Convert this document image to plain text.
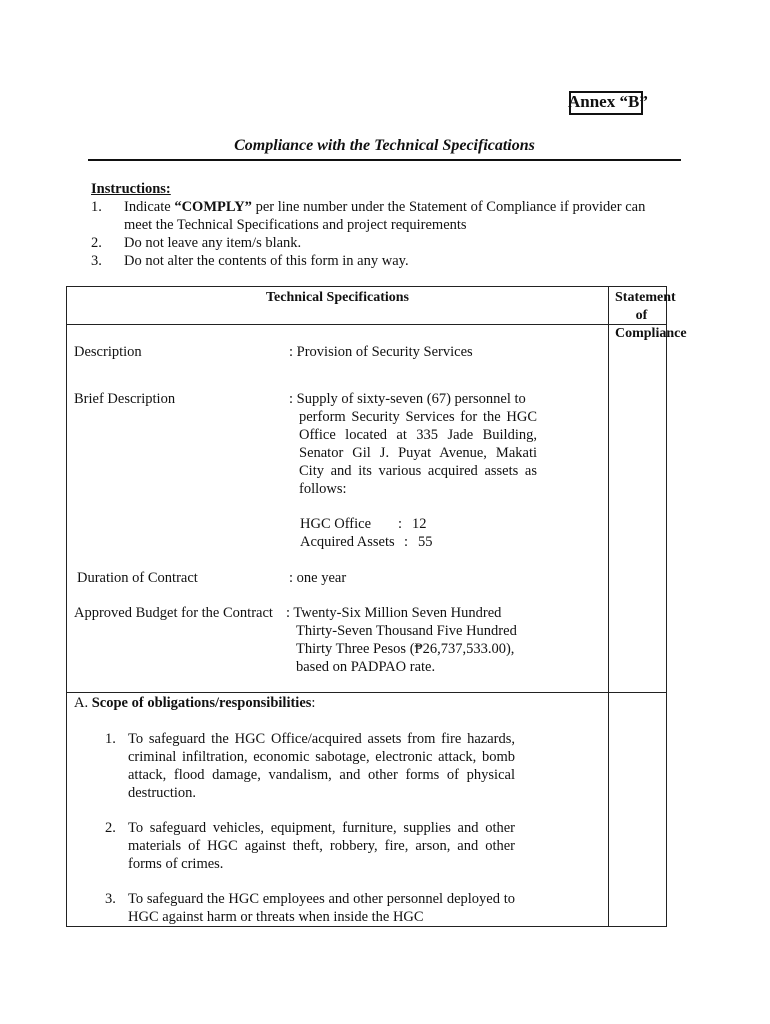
Annex “B”
Compliance with the Technical Specifications
Instructions:
1. Indicate “COMPLY” per line number under the Statement of Compliance if provider can
meet the Technical Specifications and project requirements
2. Do not leave any item/s blank.
3. Do not alter the contents of this form in any way.
Technical Specifications	Statement of
Compliance
Description	: Provision of Security Services
Brief Description	: Supply of sixty-seven (67) personnel to
perform Security Services for the HGC Office located at 335 Jade Building, Senator Gil J. Puyat Avenue, Makati City and its various acquired assets as follows:
HGC Office : 12
Acquired Assets : 55
Duration of Contract	: one year
Approved Budget for the Contract : Twenty-Six Million Seven Hundred
Thirty-Seven Thousand Five Hundred Thirty Three Pesos (₱26,737,533.00), based on PADPAO rate.
A. Scope of obligations/responsibilities:
1. To safeguard the HGC Office/acquired assets from fire hazards, criminal infiltration, economic sabotage, electronic attack, bomb attack, flood damage, vandalism, and other forms of physical destruction.
2. To safeguard vehicles, equipment, furniture, supplies and other materials of HGC against theft, robbery, fire, arson, and other forms of crimes.
3. To safeguard the HGC employees and other personnel deployed to HGC against harm or threats when inside the HGC
